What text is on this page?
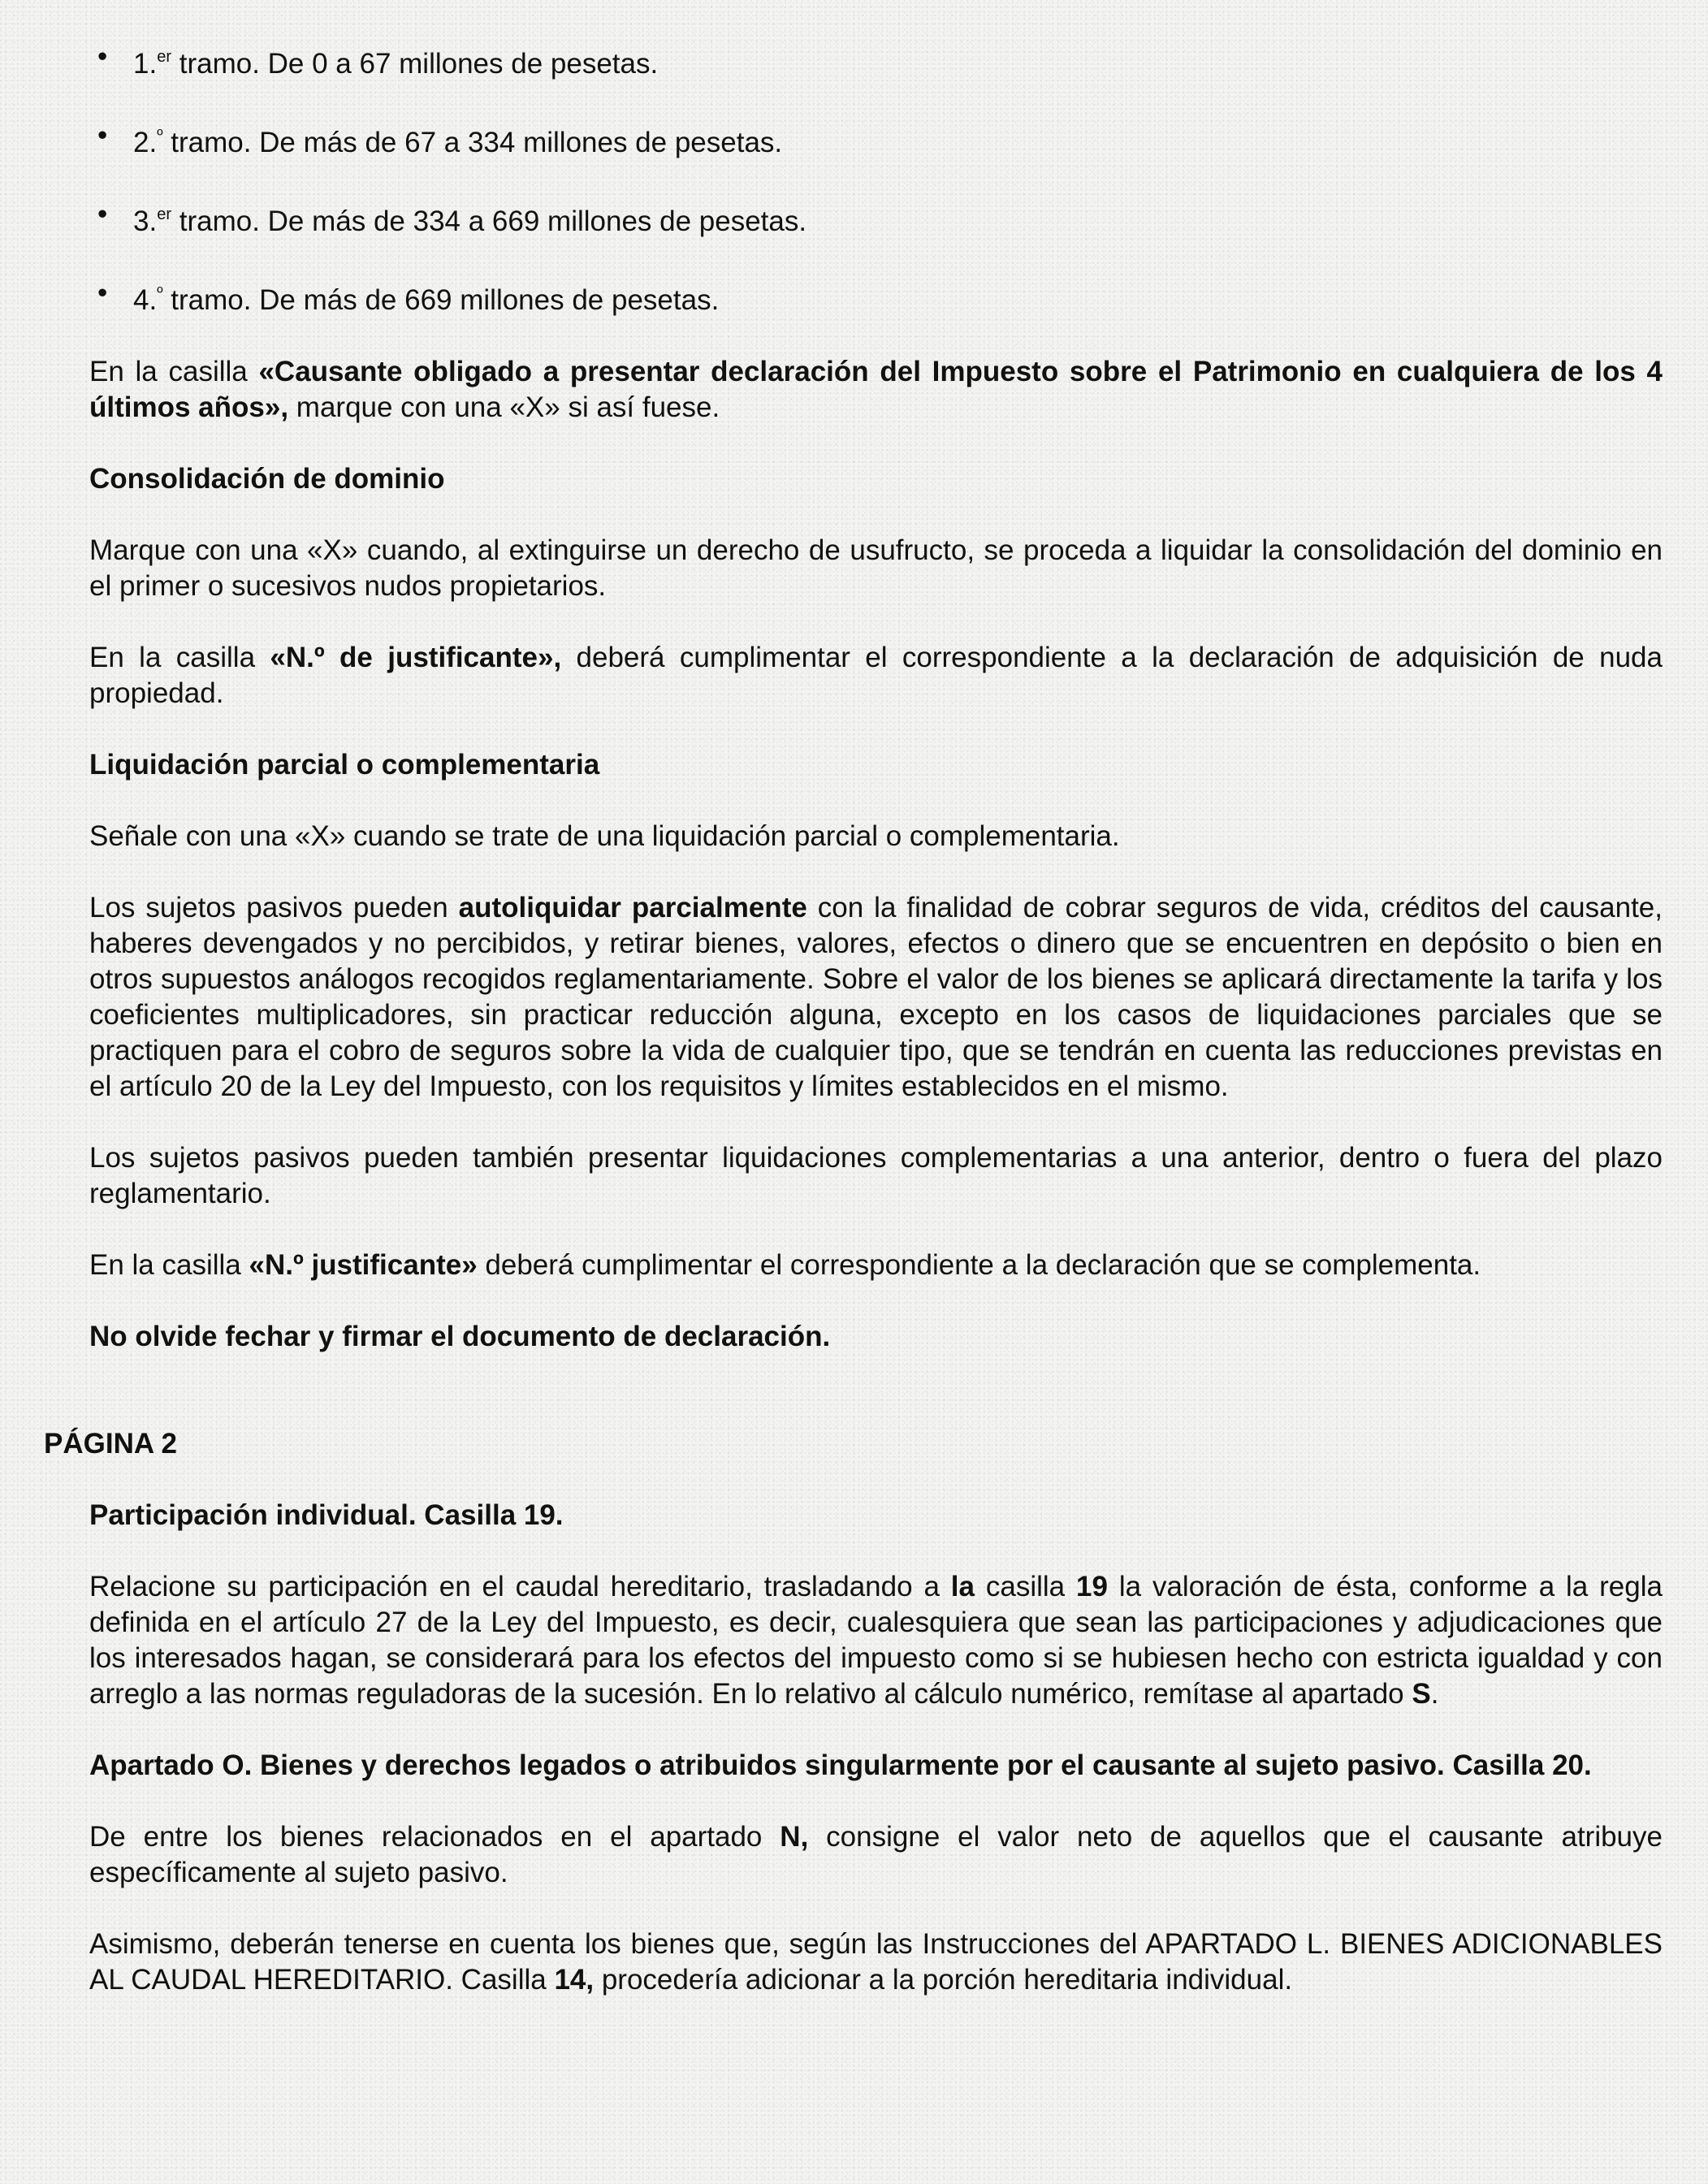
• 1.$^{er}$ tramo. De 0 a 67 millones de pesetas.
• 2.$^º$ tramo. De más de 67 a 334 millones de pesetas.
• 3.$^{er}$ tramo. De más de 334 a 669 millones de pesetas.
• 4.$^º$ tramo. De más de 669 millones de pesetas.

En la casilla «Causante obligado a presentar declaración del Impuesto sobre el Patrimonio en cualquiera de los 4 últimos años», marque con una «X» si así fuese.

Consolidación de dominio

Marque con una «X» cuando, al extinguirse un derecho de usufructo, se proceda a liquidar la consolidación del dominio en el primer o sucesivos nudos propietarios.

En la casilla «N.º de justificante», deberá cumplimentar el correspondiente a la declaración de adquisición de nuda propiedad.

Liquidación parcial o complementaria

Señale con una «X» cuando se trate de una liquidación parcial o complementaria.

Los sujetos pasivos pueden autoliquidar parcialmente con la finalidad de cobrar seguros de vida, créditos del causante, haberes devengados y no percibidos, y retirar bienes, valores, efectos o dinero que se encuentren en depósito o bien en otros supuestos análogos recogidos reglamentariamente. Sobre el valor de los bienes se aplicará directamente la tarifa y los coeficientes multiplicadores, sin practicar reducción alguna, excepto en los casos de liquidaciones parciales que se practiquen para el cobro de seguros sobre la vida de cualquier tipo, que se tendrán en cuenta las reducciones previstas en el artículo 20 de la Ley del Impuesto, con los requisitos y límites establecidos en el mismo.

Los sujetos pasivos pueden también presentar liquidaciones complementarias a una anterior, dentro o fuera del plazo reglamentario.

En la casilla «N.º justificante» deberá cumplimentar el correspondiente a la declaración que se complementa.

No olvide fechar y firmar el documento de declaración.

PÁGINA 2
Participación individual. Casilla 19.

Relacione su participación en el caudal hereditario, trasladando a la casilla 19 la valoración de ésta, conforme a la regla definida en el artículo 27 de la Ley del Impuesto, es decir, cualesquiera que sean las participaciones y adjudicaciones que los interesados hagan, se considerará para los efectos del impuesto como si se hubiesen hecho con estricta igualdad y con arreglo a las normas reguladoras de la sucesión. En lo relativo al cálculo numérico, remítase al apartado S.

Apartado O. Bienes y derechos legados o atribuidos singularmente por el causante al sujeto pasivo. Casilla 20.

De entre los bienes relacionados en el apartado N, consigne el valor neto de aquellos que el causante atribuye específicamente al sujeto pasivo.

Asimismo, deberán tenerse en cuenta los bienes que, según las Instrucciones del APARTADO L. BIENES ADICIONABLES AL CAUDAL HEREDITARIO. Casilla 14, procedería adicionar a la porción hereditaria individual.
